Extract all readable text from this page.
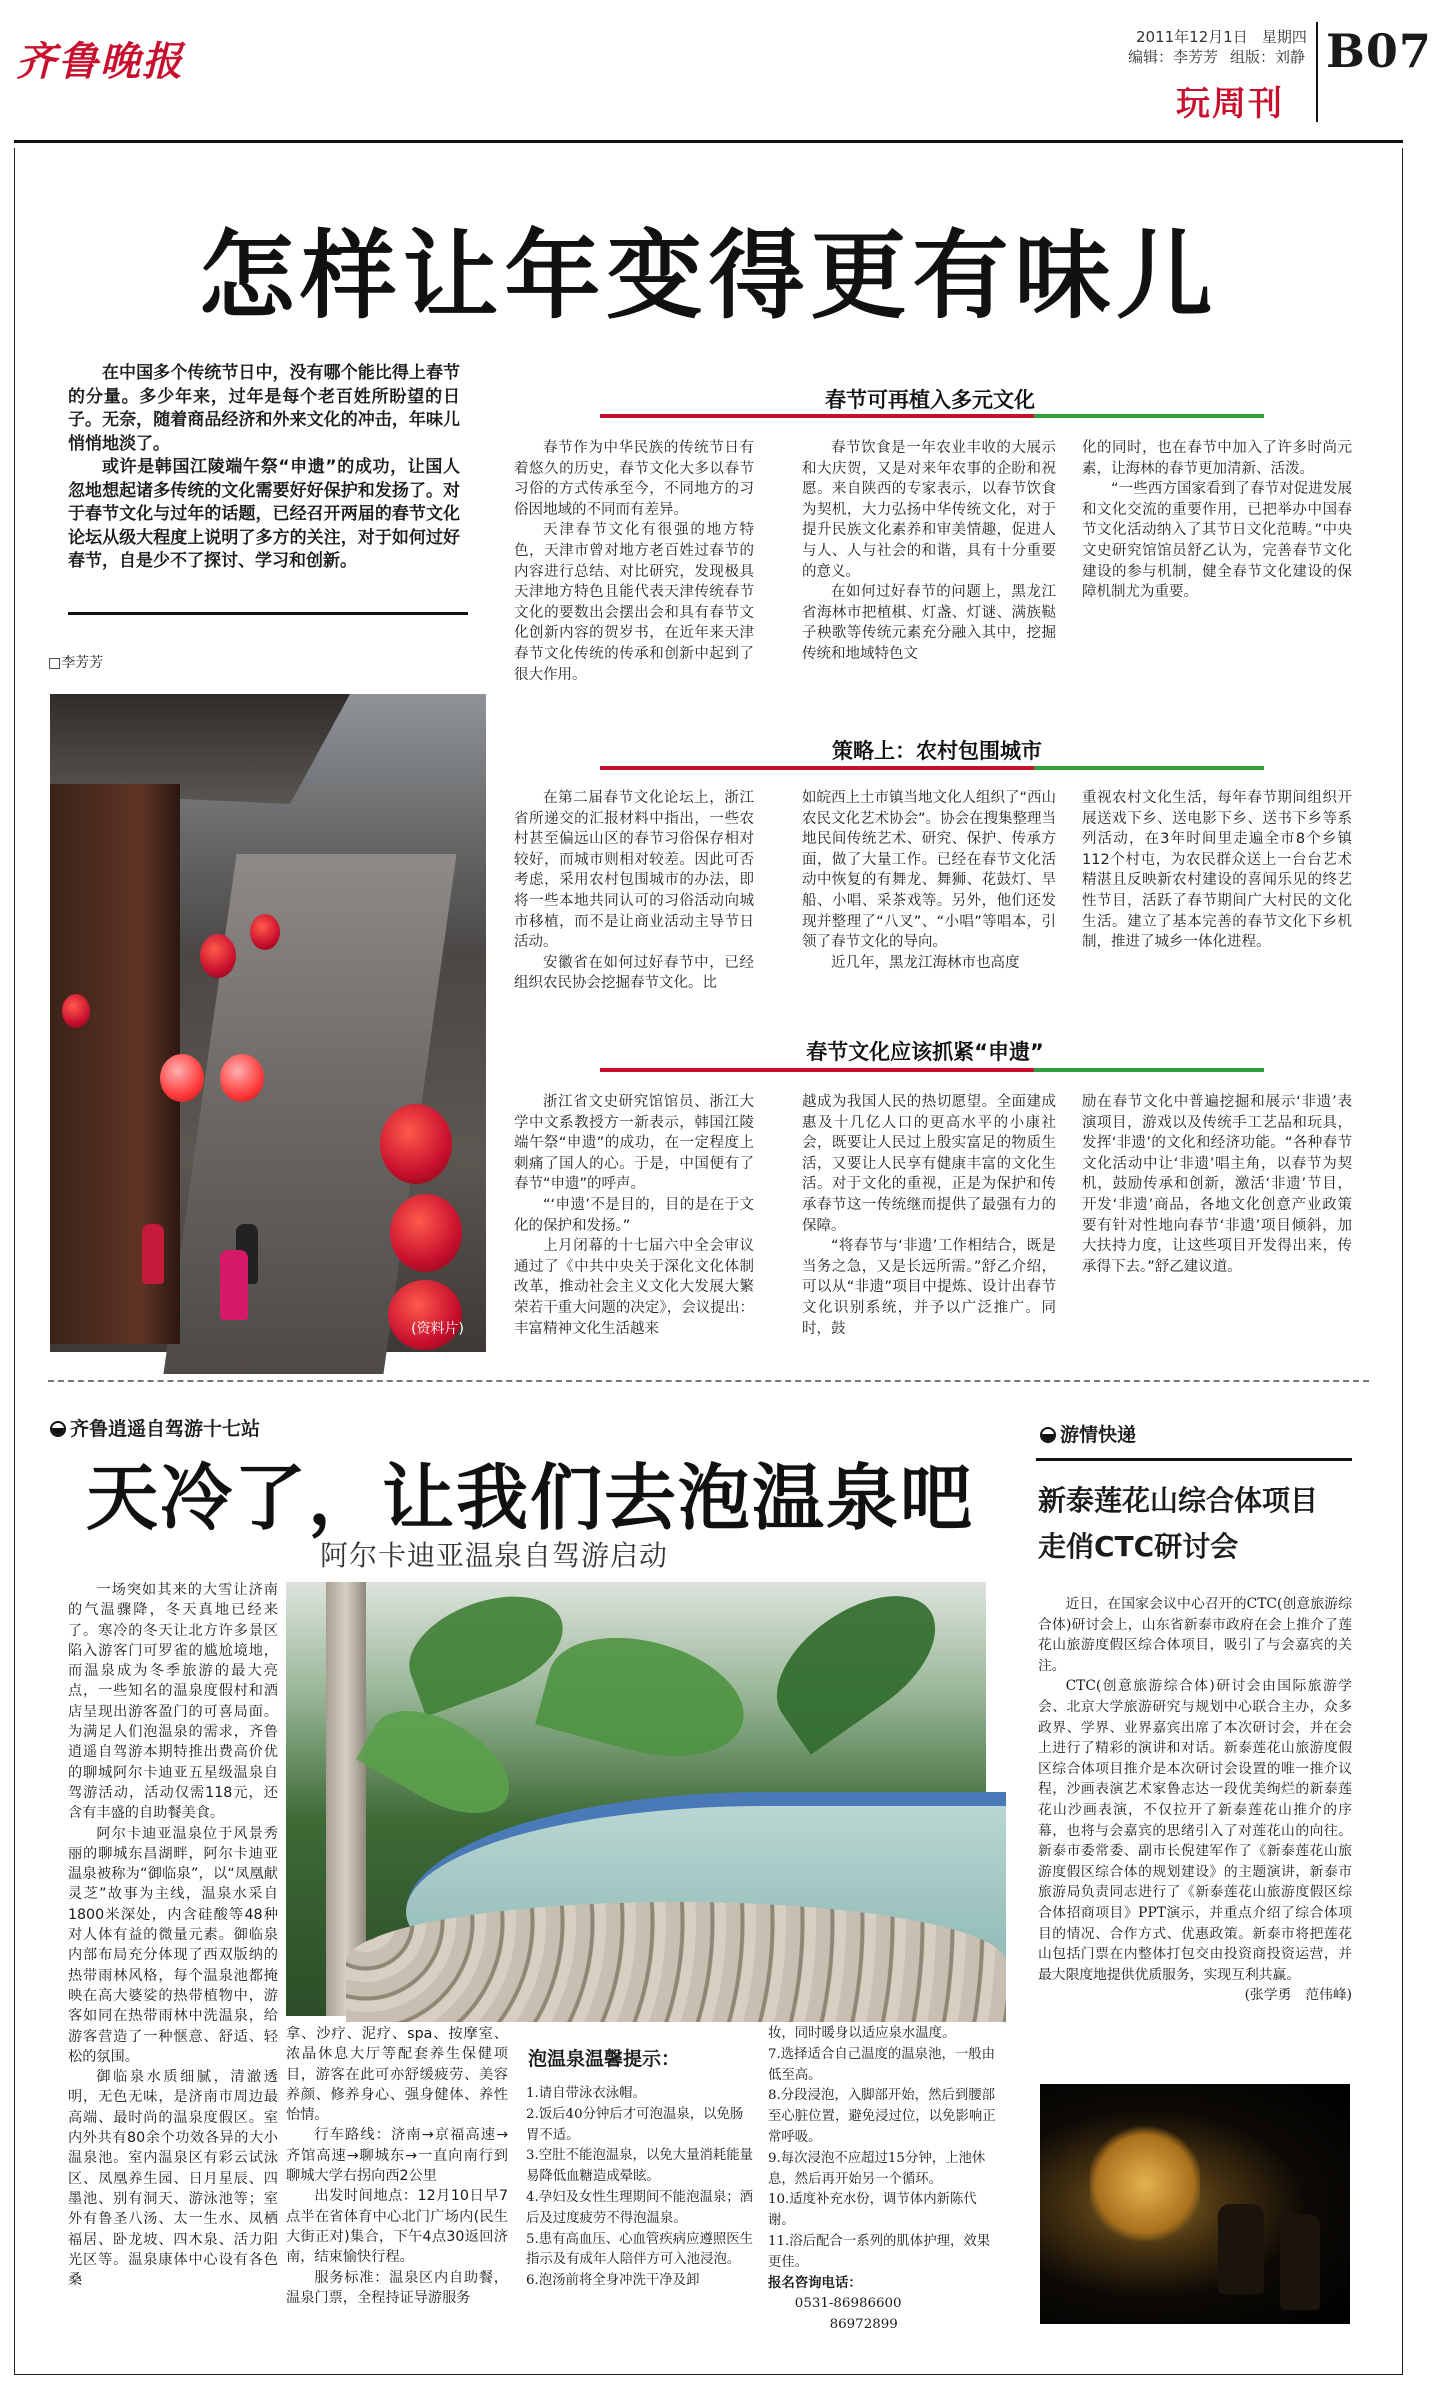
齐鲁晚报
2011年12月1日 星期四
编辑：李芳芳 组版：刘静
玩周刊
B07
怎样让年变得更有味儿

在中国多个传统节日中，没有哪个能比得上春节的分量。多少年来，过年是每个老百姓所盼望的日子。无奈，随着商品经济和外来文化的冲击，年味儿悄悄地淡了。

或许是韩国江陵端午祭“申遗”的成功，让国人忽地想起诸多传统的文化需要好好保护和发扬了。对于春节文化与过年的话题，已经召开两届的春节文化论坛从级大程度上说明了多方的关注，对于如何过好春节，自是少不了探讨、学习和创新。

□李芳芳
(资料片)
春节可再植入多元文化

春节作为中华民族的传统节日有着悠久的历史，春节文化大多以春节习俗的方式传承至今，不同地方的习俗因地域的不同而有差异。

天津春节文化有很强的地方特色，天津市曾对地方老百姓过春节的内容进行总结、对比研究，发现极具天津地方特色且能代表天津传统春节文化的要数出会摆出会和具有春节文化创新内容的贺岁书，在近年来天津春节文化传统的传承和创新中起到了很大作用。

春节饮食是一年农业丰收的大展示和大庆贺，又是对来年农事的企盼和祝愿。来自陕西的专家表示，以春节饮食为契机，大力弘扬中华传统文化，对于提升民族文化素养和审美情趣，促进人与人、人与社会的和谐，具有十分重要的意义。

在如何过好春节的问题上，黑龙江省海林市把植棋、灯盏、灯谜、满族鞑子秧歌等传统元素充分融入其中，挖掘传统和地域特色文

化的同时，也在春节中加入了许多时尚元素，让海林的春节更加清新、活泼。

“一些西方国家看到了春节对促进发展和文化交流的重要作用，已把举办中国春节文化活动纳入了其节日文化范畴。”中央文史研究馆馆员舒乙认为，完善春节文化建设的参与机制，健全春节文化建设的保障机制尤为重要。

策略上：农村包围城市

在第二届春节文化论坛上，浙江省所递交的汇报材料中指出，一些农村甚至偏远山区的春节习俗保存相对较好，而城市则相对较差。因此可否考虑，采用农村包围城市的办法，即将一些本地共同认可的习俗活动向城市移植，而不是让商业活动主导节日活动。

安徽省在如何过好春节中，已经组织农民协会挖掘春节文化。比

如皖西上土市镇当地文化人组织了“西山农民文化艺术协会”。协会在搜集整理当地民间传统艺术、研究、保护、传承方面，做了大量工作。已经在春节文化活动中恢复的有舞龙、舞狮、花鼓灯、旱船、小唱、采茶戏等。另外，他们还发现并整理了“八叉”、“小唱”等唱本，引领了春节文化的导向。

近几年，黑龙江海林市也高度

重视农村文化生活，每年春节期间组织开展送戏下乡、送电影下乡、送书下乡等系列活动，在3年时间里走遍全市8个乡镇112个村屯，为农民群众送上一台台艺术精湛且反映新农村建设的喜闻乐见的终艺性节目，活跃了春节期间广大村民的文化生活。建立了基本完善的春节文化下乡机制，推进了城乡一体化进程。

春节文化应该抓紧“申遗”

浙江省文史研究馆馆员、浙江大学中文系教授方一新表示，韩国江陵端午祭“申遗”的成功，在一定程度上刺痛了国人的心。于是，中国便有了春节“申遗”的呼声。

“‘申遗’不是目的，目的是在于文化的保护和发扬。”

上月闭幕的十七届六中全会审议通过了《中共中央关于深化文化体制改革，推动社会主义文化大发展大繁荣若干重大问题的决定》，会议提出：丰富精神文化生活越来

越成为我国人民的热切愿望。全面建成惠及十几亿人口的更高水平的小康社会，既要让人民过上殷实富足的物质生活，又要让人民享有健康丰富的文化生活。对于文化的重视，正是为保护和传承春节这一传统继而提供了最强有力的保障。

“将春节与‘非遗’工作相结合，既是当务之急，又是长远所需。”舒乙介绍，可以从“非遗”项目中提炼、设计出春节文化识别系统，并予以广泛推广。同时，鼓

励在春节文化中普遍挖掘和展示‘非遗’表演项目，游戏以及传统手工艺品和玩具，发挥‘非遗’的文化和经济功能。“各种春节文化活动中让‘非遗’唱主角，以春节为契机，鼓励传承和创新，激活‘非遗’节目，开发‘非遗’商品，各地文化创意产业政策要有针对性地向春节‘非遗’项目倾斜，加大扶持力度，让这些项目开发得出来，传承得下去。”舒乙建议道。

齐鲁逍遥自驾游十七站
天冷了，让我们去泡温泉吧
阿尔卡迪亚温泉自驾游启动

一场突如其来的大雪让济南的气温骤降，冬天真地已经来了。寒冷的冬天让北方许多景区陷入游客门可罗雀的尴尬境地，而温泉成为冬季旅游的最大亮点，一些知名的温泉度假村和酒店呈现出游客盈门的可喜局面。为满足人们泡温泉的需求，齐鲁逍遥自驾游本期特推出费高价优的聊城阿尔卡迪亚五星级温泉自驾游活动，活动仅需118元，还含有丰盛的自助餐美食。

阿尔卡迪亚温泉位于风景秀丽的聊城东昌湖畔，阿尔卡迪亚温泉被称为“御临泉”，以“凤凰献灵芝”故事为主线，温泉水采自1800米深处，内含硅酸等48种对人体有益的微量元素。御临泉内部布局充分体现了西双版纳的热带雨林风格，每个温泉池都掩映在高大婆娑的热带植物中，游客如同在热带雨林中洗温泉，给游客营造了一种惬意、舒适、轻松的氛围。

御临泉水质细腻，清澈透明，无色无味，是济南市周边最高端、最时尚的温泉度假区。室内外共有80余个功效各异的大小温泉池。室内温泉区有彩云试泳区、凤凰养生园、日月星辰、四墨池、别有洞天、游泳池等；室外有鲁圣八汤、太一生水、凤栖福居、卧龙坡、四木泉、活力阳光区等。温泉康体中心设有各色桑

拿、沙疗、泥疗、spa、按摩室、浓晶休息大厅等配套养生保健项目，游客在此可亦舒缓疲劳、美容养颜、修养身心、强身健体、养性怡情。

行车路线：济南→京福高速→齐馆高速→聊城东→一直向南行到聊城大学右拐向西2公里

出发时间地点：12月10日早7点半在省体育中心北门广场内(民生大街正对)集合，下午4点30返回济南，结束愉快行程。

服务标准：温泉区内自助餐，温泉门票，全程持证导游服务

泡温泉温馨提示：
1.请自带泳衣泳帽。
2.饭后40分钟后才可泡温泉，以免肠胃不适。
3.空肚不能泡温泉，以免大量消耗能量易降低血糖造成晕眩。
4.孕妇及女性生理期间不能泡温泉；酒后及过度疲劳不得泡温泉。
5.患有高血压、心血管疾病应遵照医生指示及有成年人陪伴方可入池浸泡。
6.泡汤前将全身冲洗干净及卸
妆，同时暖身以适应泉水温度。
7.选择适合自己温度的温泉池，一般由低至高。
8.分段浸泡，入脚部开始，然后到腰部至心脏位置，避免浸过位，以免影响正常呼吸。
9.每次浸泡不应超过15分钟，上池休息，然后再开始另一个循环。
10.适度补充水份，调节体内新陈代谢。
11.浴后配合一系列的肌体护理，效果更佳。
报名咨询电话：
0531-86986600
86972899
游情快递
新泰莲花山综合体项目
走俏CTC研讨会

近日，在国家会议中心召开的CTC(创意旅游综合体)研讨会上，山东省新泰市政府在会上推介了莲花山旅游度假区综合体项目，吸引了与会嘉宾的关注。

CTC(创意旅游综合体)研讨会由国际旅游学会、北京大学旅游研究与规划中心联合主办，众多政界、学界、业界嘉宾出席了本次研讨会，并在会上进行了精彩的演讲和对话。新泰莲花山旅游度假区综合体项目推介是本次研讨会设置的唯一推介议程，沙画表演艺术家鲁志达一段优美绚烂的新泰莲花山沙画表演，不仅拉开了新泰莲花山推介的序幕，也将与会嘉宾的思绪引入了对莲花山的向往。新泰市委常委、副市长倪建军作了《新泰莲花山旅游度假区综合体的规划建设》的主题演讲，新泰市旅游局负责同志进行了《新泰莲花山旅游度假区综合体招商项目》PPT演示，并重点介绍了综合体项目的情况、合作方式、优惠政策。新泰市将把莲花山包括门票在内整体打包交由投资商投资运营，并最大限度地提供优质服务，实现互利共赢。

(张学勇　范伟峰)
